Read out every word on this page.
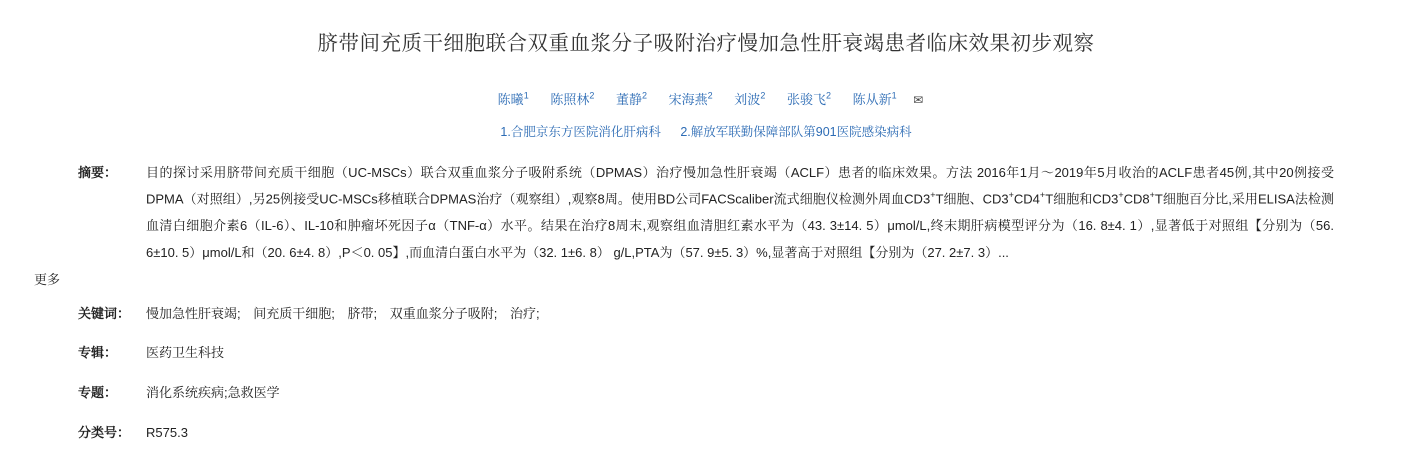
脐带间充质干细胞联合双重血浆分子吸附治疗慢加急性肝衰竭患者临床效果初步观察
陈曦$^1$ 陈照林$^2$ 董静$^2$ 宋海燕$^2$ 刘波$^2$ 张骏飞$^2$ 陈从新$^1$ ✉
1.合肥京东方医院消化肝病科 2.解放军联勤保障部队第901医院感染病科
摘要：	目的探讨采用脐带间充质干细胞（UC-MSCs）联合双重血浆分子吸附系统（DPMAS）治疗慢加急性肝衰竭（ACLF）患者的临床效果。方法 2016年1月～2019年5月收治的ACLF患者45例,其中20例接受DPMA（对照组）,另25例接受UC-MSCs移植联合DPMAS治疗（观察组）,观察8周。使用BD公司FACScaliber流式细胞仪检测外周血CD3+T细胞、CD3+CD4+T细胞和CD3+CD8+T细胞百分比,采用ELISA法检测血清白细胞介素6（IL-6）、IL-10和肿瘤坏死因子α（TNF-α）水平。结果在治疗8周末,观察组血清胆红素水平为（43. 3±14. 5）μmol/L,终末期肝病模型评分为（16. 8±4. 1）,显著低于对照组【分别为（56. 6±10. 5）μmol/L和（20. 6±4. 8）,P＜0. 05】,而血清白蛋白水平为（32. 1±6. 8） g/L,PTA为（57. 9±5. 3）%,显著高于对照组【分别为（27. 2±7. 3）...
更多
关键词：	慢加急性肝衰竭; 间充质干细胞; 脐带; 双重血浆分子吸附; 治疗;
专辑：	医药卫生科技
专题：	消化系统疾病;急救医学
分类号：	R575.3
